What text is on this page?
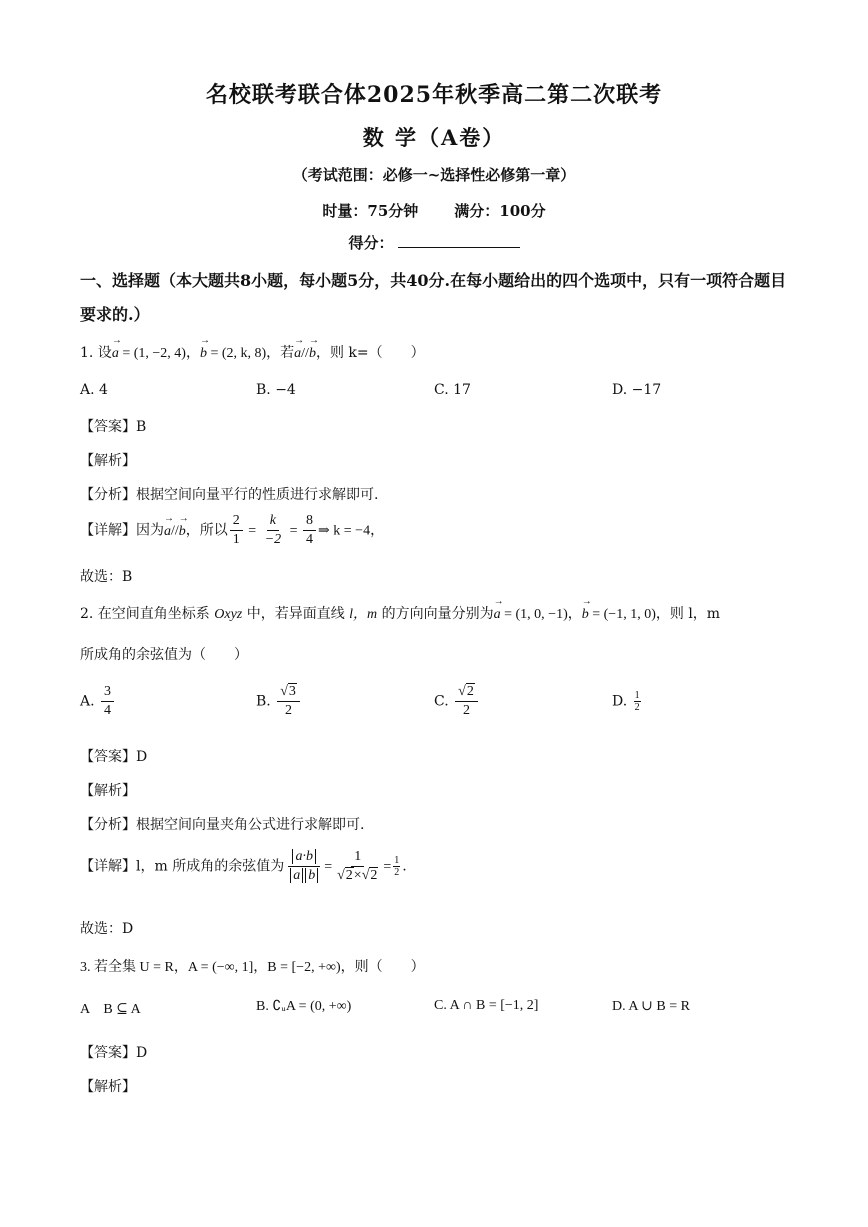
名校联考联合体2025年秋季高二第二次联考
数 学（A卷）
（考试范围：必修一~选择性必修第一章）
时量：75分钟 满分：100分
得分：
一、选择题（本大题共8小题，每小题5分，共40分.在每小题给出的四个选项中，只有一项符合题目要求的.）
1. 设→ a = (1, −2, 4)，→ b = (2, k, 8)，若→ a//→ b，则 k=（　　）
A. 4	B. −4	C. 17	D. −17
【答案】B
【解析】
【分析】根据空间向量平行的性质进行求解即可.
【详解】因为→ a//→ b，所以 $\frac{2}{1} = \frac{k}{-2} = \frac{8}{4}$ ⇒ k = −4，
故选：B
2. 在空间直角坐标系 Oxyz 中，若异面直线 l，m 的方向向量分别为→ a = (1, 0, −1)，→ b = (−1, 1, 0)，则 l，m
所成角的余弦值为（　　）
A. $\frac{3}{4}$	B. $\frac{√3}{2}$	C. $\frac{√2}{2}$	D. $\frac{1}{2}$
【答案】D
【解析】
【分析】根据空间向量夹角公式进行求解即可.
【详解】l，m 所成角的余弦值为 $\frac{a\cdot b}{\text{a b}} = \frac{1}{√2\times√2} = \frac{1}{2}$ .
故选：D
3. 若全集 U = R，A = (−∞, 1]，B = [−2, +∞)，则（　　）
A　B ⊆ A	B. ∁ᵤA = (0, +∞)	C. A ∩ B = [−1, 2]	D. A ∪ B = R
【答案】D
【解析】
